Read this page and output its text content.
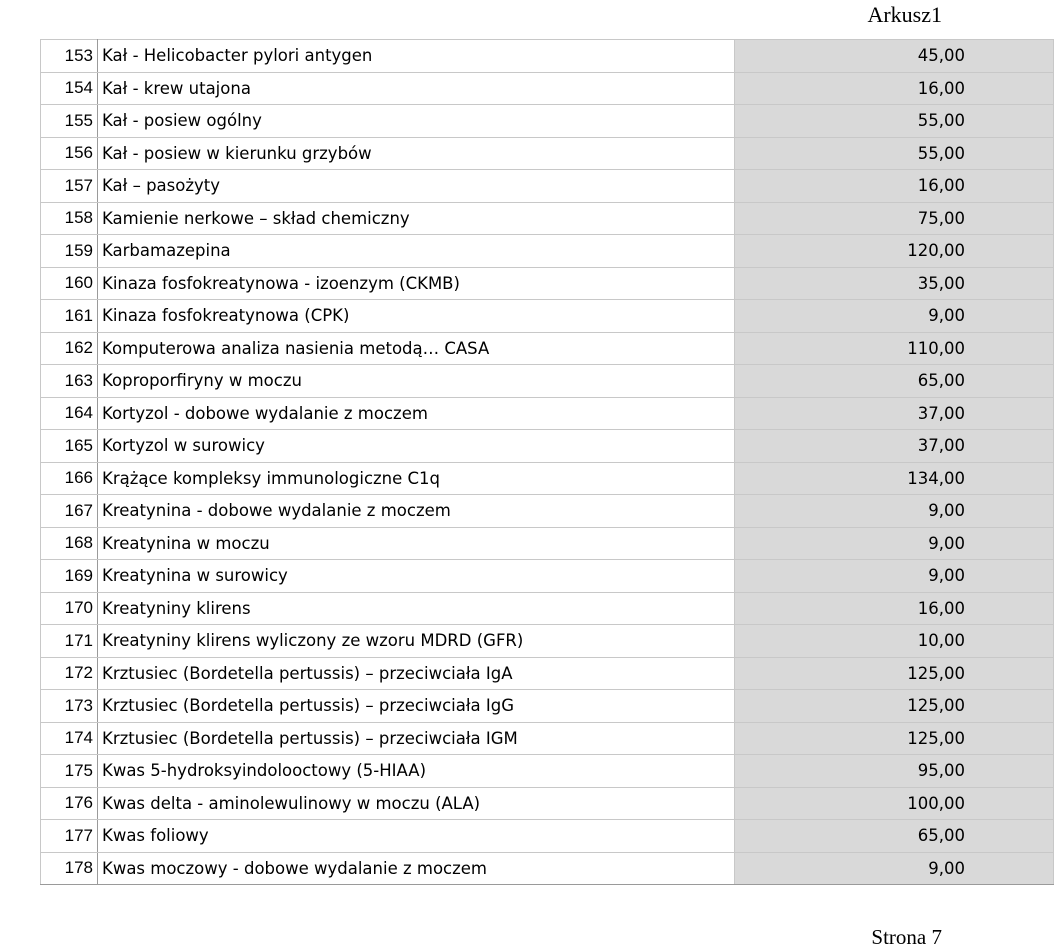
Arkusz1
153	Kał - Helicobacter pylori antygen	45,00
154	Kał - krew utajona	16,00
155	Kał - posiew ogólny	55,00
156	Kał - posiew w kierunku grzybów	55,00
157	Kał – pasożyty	16,00
158	Kamienie nerkowe – skład chemiczny	75,00
159	Karbamazepina	120,00
160	Kinaza fosfokreatynowa - izoenzym (CKMB)	35,00
161	Kinaza fosfokreatynowa (CPK)	9,00
162	Komputerowa analiza nasienia metodą… CASA	110,00
163	Koproporfiryny w moczu	65,00
164	Kortyzol - dobowe wydalanie z moczem	37,00
165	Kortyzol w surowicy	37,00
166	Krążące kompleksy immunologiczne C1q	134,00
167	Kreatynina - dobowe wydalanie z moczem	9,00
168	Kreatynina w moczu	9,00
169	Kreatynina w surowicy	9,00
170	Kreatyniny klirens	16,00
171	Kreatyniny klirens wyliczony ze wzoru MDRD (GFR)	10,00
172	Krztusiec (Bordetella pertussis) – przeciwciała IgA	125,00
173	Krztusiec (Bordetella pertussis) – przeciwciała IgG	125,00
174	Krztusiec (Bordetella pertussis) – przeciwciała IGM	125,00
175	Kwas 5-hydroksyindolooctowy (5-HIAA)	95,00
176	Kwas delta - aminolewulinowy w moczu (ALA)	100,00
177	Kwas foliowy	65,00
178	Kwas moczowy - dobowe wydalanie z moczem	9,00
Strona 7
